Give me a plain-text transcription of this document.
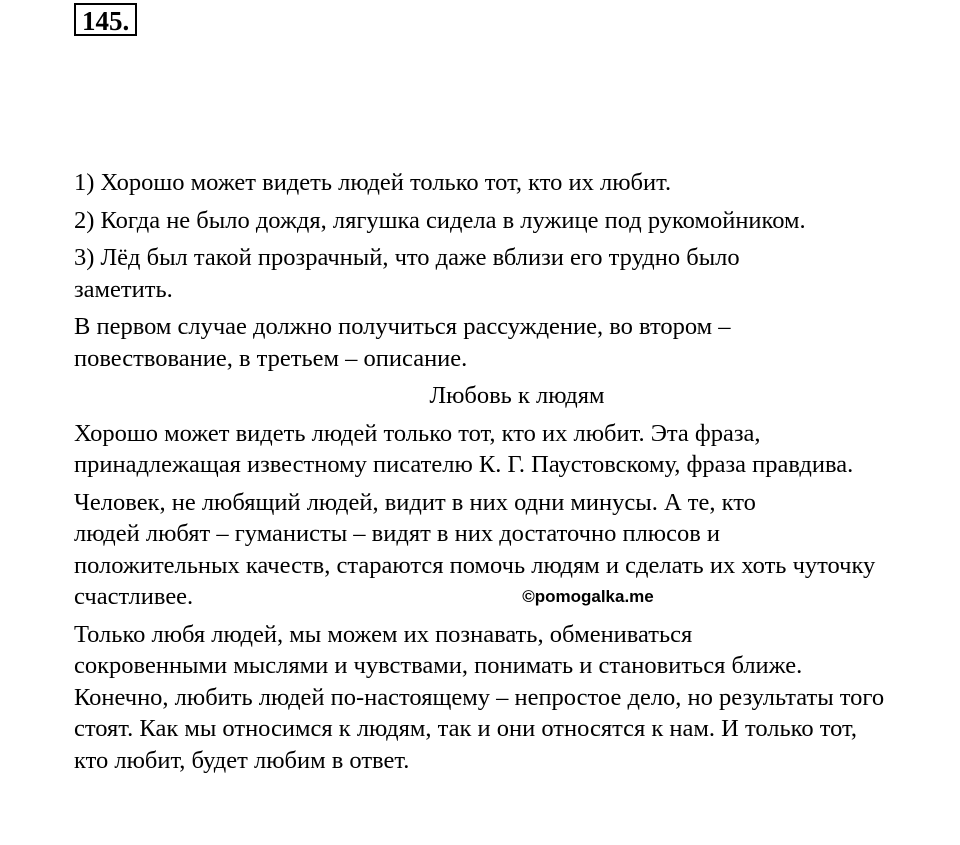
145.

1) Хорошо может видеть людей только тот, кто их любит.

2) Когда не было дождя, лягушка сидела в лужице под рукомойником.

3) Лёд был такой прозрачный, что даже вблизи его трудно было
заметить.

В первом случае должно получиться рассуждение, во втором –
повествование, в третьем – описание.

Любовь к людям

Хорошо может видеть людей только тот, кто их любит. Эта фраза,
принадлежащая известному писателю К. Г. Паустовскому, фраза правдива.

Человек, не любящий людей, видит в них одни минусы. А те, кто
людей любят – гуманисты – видят в них достаточно плюсов и
положительных качеств, стараются помочь людям и сделать их хоть чуточку
счастливее.	©pomogalka.me

Только любя людей, мы можем их познавать, обмениваться
сокровенными мыслями и чувствами, понимать и становиться ближе.
Конечно, любить людей по-настоящему – непростое дело, но результаты того
стоят. Как мы относимся к людям, так и они относятся к нам. И только тот,
кто любит, будет любим в ответ.
